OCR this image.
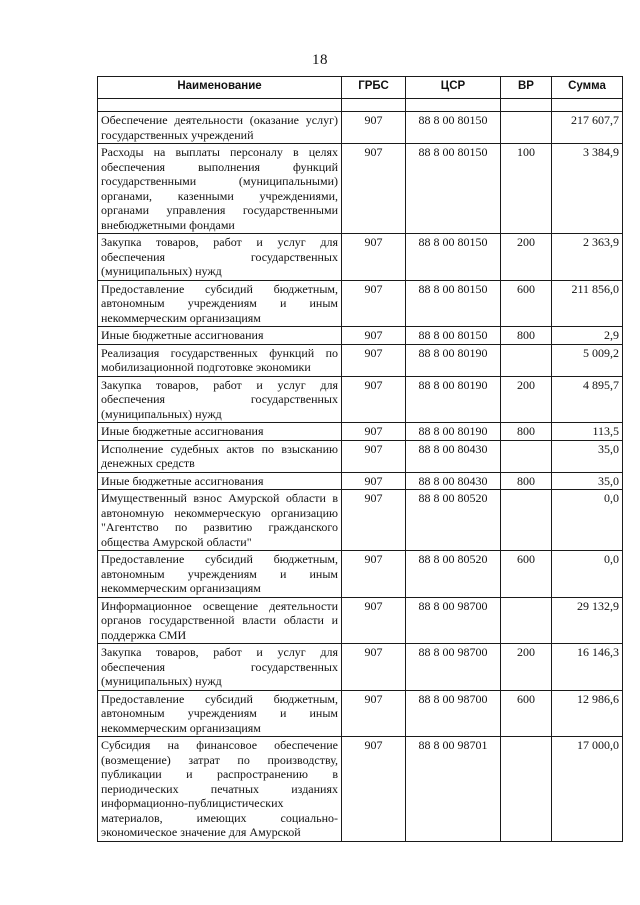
18
Наименование	ГРБС	ЦСР	ВР	Сумма

Обеспечение деятельности (оказание услуг) государственных учреждений	907	88 8 00 80150		217 607,7
Расходы на выплаты персоналу в целях обеспечения выполнения функций государственными (муниципальными) органами, казенными учреждениями, органами управления государственными внебюджетными фондами	907	88 8 00 80150	100	3 384,9
Закупка товаров, работ и услуг для обеспечения государственных (муниципальных) нужд	907	88 8 00 80150	200	2 363,9
Предоставление субсидий бюджетным, автономным учреждениям и иным некоммерческим организациям	907	88 8 00 80150	600	211 856,0
Иные бюджетные ассигнования	907	88 8 00 80150	800	2,9
Реализация государственных функций по мобилизационной подготовке экономики	907	88 8 00 80190		5 009,2
Закупка товаров, работ и услуг для обеспечения государственных (муниципальных) нужд	907	88 8 00 80190	200	4 895,7
Иные бюджетные ассигнования	907	88 8 00 80190	800	113,5
Исполнение судебных актов по взысканию денежных средств	907	88 8 00 80430		35,0
Иные бюджетные ассигнования	907	88 8 00 80430	800	35,0
Имущественный взнос Амурской области в автономную некоммерческую организацию "Агентство по развитию гражданского общества Амурской области"	907	88 8 00 80520		0,0
Предоставление субсидий бюджетным, автономным учреждениям и иным некоммерческим организациям	907	88 8 00 80520	600	0,0
Информационное освещение деятельности органов государственной власти области и поддержка СМИ	907	88 8 00 98700		29 132,9
Закупка товаров, работ и услуг для обеспечения государственных (муниципальных) нужд	907	88 8 00 98700	200	16 146,3
Предоставление субсидий бюджетным, автономным учреждениям и иным некоммерческим организациям	907	88 8 00 98700	600	12 986,6
Субсидия на финансовое обеспечение (возмещение) затрат по производству, публикации и распространению в периодических печатных изданиях информационно-публицистических материалов, имеющих социально-экономическое значение для Амурской	907	88 8 00 98701		17 000,0
